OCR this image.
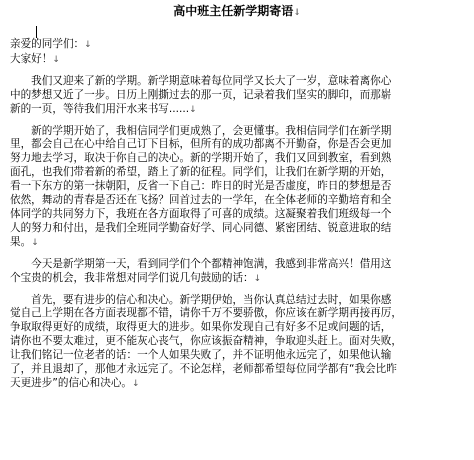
高中班主任新学期寄语↓

亲爱的同学们：↓

大家好！↓

　　我们又迎来了新的学期。新学期意味着每位同学又长大了一岁，意味着离你心

中的梦想又近了一步。日历上刚撕过去的那一页，记录着我们坚实的脚印，而那崭

新的一页，等待我们用汗水来书写......↓

　　新的学期开始了，我相信同学们更成熟了，会更懂事。我相信同学们在新学期

里，都会自己在心中给自己订下目标，但所有的成功都离不开勤奋，你是否会更加

努力地去学习，取决于你自己的决心。新的学期开始了，我们又回到教室，看到熟

面孔，也我们带着新的希望，踏上了新的征程。同学们，让我们在新学期的开始，

看一下东方的第一抹朝阳，反省一下自己：昨日的时光是否虚度，昨日的梦想是否

依然，舞动的青春是否还在飞扬？回首过去的一学年，在全体老师的辛勤培育和全

体同学的共同努力下，我班在各方面取得了可喜的成绩。这凝聚着我们班级每一个

人的努力和付出，是我们全班同学勤奋好学、同心同德、紧密团结、锐意进取的结

果。↓

　　今天是新学期第一天，看到同学们个个都精神饱满，我感到非常高兴！借用这

个宝贵的机会，我非常想对同学们说几句鼓励的话：↓

　　首先，要有进步的信心和决心。新学期伊始，当你认真总结过去时，如果你感

觉自己上学期在各方面表现都不错，请你千万不要骄傲，你应该在新学期再接再厉，

争取取得更好的成绩，取得更大的进步。如果你发现自己有好多不足或问题的话，

请你也不要太难过，更不能灰心丧气，你应该振奋精神，争取迎头赶上。面对失败，

让我们铭记一位老者的话：一个人如果失败了，并不证明他永远完了，如果他认输

了，并且退却了，那他才永远完了。不论怎样，老师都希望每位同学都有“我会比昨

天更进步”的信心和决心。↓
